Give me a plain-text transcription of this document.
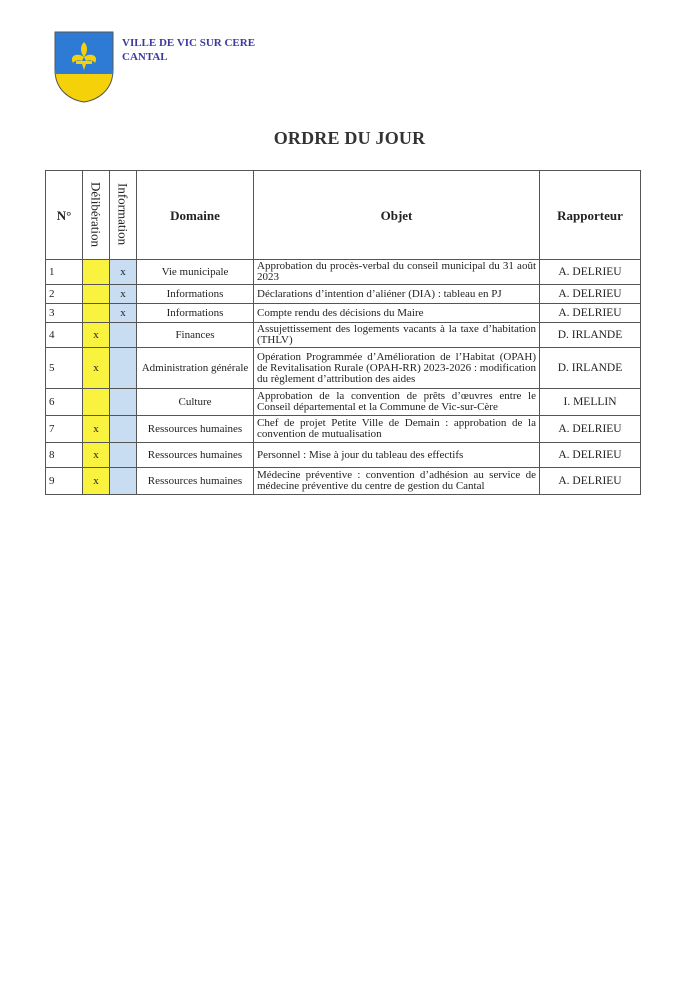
VILLE DE VIC SUR CERE
CANTAL
ORDRE DU JOUR
N°	Délibération	Information	Domaine	Objet	Rapporteur
1		x	Vie municipale	Approbation du procès-verbal du conseil municipal du 31 août 2023	A. DELRIEU
2		x	Informations	Déclarations d’intention d’aliéner (DIA) : tableau en PJ	A. DELRIEU
3		x	Informations	Compte rendu des décisions du Maire	A. DELRIEU
4	x		Finances	Assujettissement des logements vacants à la taxe d’habitation (THLV)	D. IRLANDE
5	x		Administration générale	Opération Programmée d’Amélioration de l’Habitat (OPAH) de Revitalisation Rurale (OPAH-RR) 2023-2026 : modification du règlement d’attribution des aides	D. IRLANDE
6			Culture	Approbation de la convention de prêts d’œuvres entre le Conseil départemental et la Commune de Vic-sur-Cère	I. MELLIN
7	x		Ressources humaines	Chef de projet Petite Ville de Demain : approbation de la convention de mutualisation	A. DELRIEU
8	x		Ressources humaines	Personnel : Mise à jour du tableau des effectifs	A. DELRIEU
9	x		Ressources humaines	Médecine préventive : convention d’adhésion au service de médecine préventive du centre de gestion du Cantal	A. DELRIEU
